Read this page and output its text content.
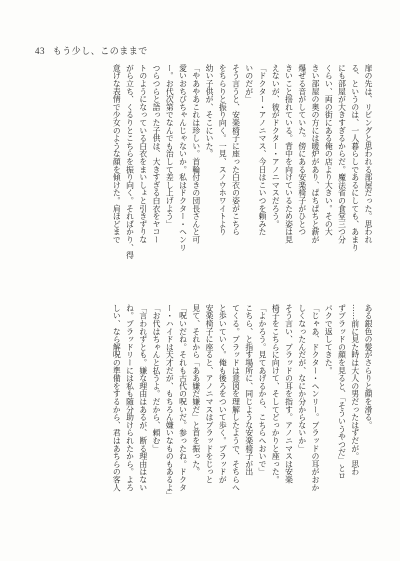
43 もう少し、このままで
扉の先は、リビングと思われる部屋だった。思われ
る、というのは、一人暮らしであるにしても、あまり
にも部屋が大きすぎるからだ。魔法省の食堂三つ分
くらい、両の街にある俺の店より大きい。その大
きい部屋の奥の方には暖炉があり、ぱちぱちと薪が
爆ぜる音がしていた。傍にある安楽椅子がひとつ
きいこと揺れている。背中を向けているため姿は見
えないが、彼がドクター・アノニマスだろう。
「ドクター・アノニマス、今日はこいつを頼みた
いのだが」
そう言うと、安楽椅子に座った白衣の姿がこちら
をちらりと振り向く。一見、スノウホワイトより
幼い子供が、そこにいた。
「やあやあこれは珍しい。首輪付きの団長さんと可
愛いおちびちゃんじゃないか。私はドクター・ヘンリ
ー。お代次第でなんでも治して差し上げよう」
つらつらと語った子供は、大きすぎる白衣をヤコー
トのようになっている白衣をまいしょと引きずりな
がら立ち、くるりとこちらを振り向く。そればかり、得
意げな表情で少女のような顔を傾けた。肩ほどまで
ある銀色の髪がさらりと顔を滑る。
……前に見た時は大人の男だったはずだが。思わ
ずブラッドの顔を見ると、「そういうやつだ」とロ
パクで返してきた。
「じゃあ、ドクター・ヘンリー。ブラッドの耳がおか
しくなったんだが、なにか分からないか」
そう言い、ブラッドの耳を指す。アノニマスは安楽
椅子をこちらに向けて、そしてどっかりと座った。
「よかろう。見てあげるから、こちらへおいで」
こちら、と指す場所に、同じような安楽椅子が出
てくる。ブラッドは意図を理解したようで、そちらへ
と歩いていく。俺も後ろをついて歩く。ブラッドが
安楽椅子に座ると、アノニマスはブラッドをじっと
見て、それから「ああ嫌だ嫌だ」と首を振った。
「呪いだね。それも古代の呪いだ。参ったね。ドクタ
ー・ハイドは天才だが、もちろん嫌いなものもあるよ」
「お代はちゃんと払うよ。だから、頼む」
「言われずとも。嫌な理由はあるが、断る理由はない
ね。ブラッドリーには私も随分助けられたから。よろ
しい、なら解呪の準備をするから、君はあちらの客人
